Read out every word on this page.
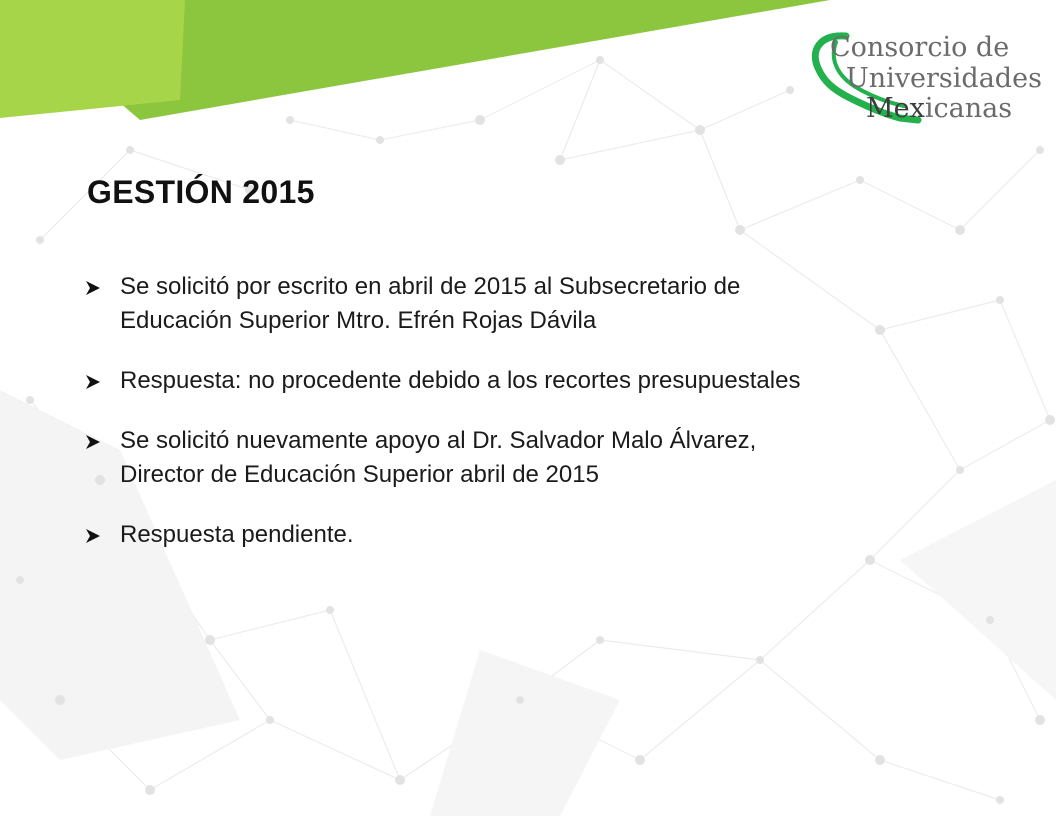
Consorcio de
Universidades
Mexicanas
GESTIÓN 2015
Se solicitó por escrito en abril de 2015 al Subsecretario de
Educación Superior Mtro. Efrén Rojas Dávila
Respuesta: no procedente debido a los recortes presupuestales
Se solicitó nuevamente apoyo al Dr. Salvador Malo Álvarez,
Director de Educación Superior abril de 2015
Respuesta pendiente.
